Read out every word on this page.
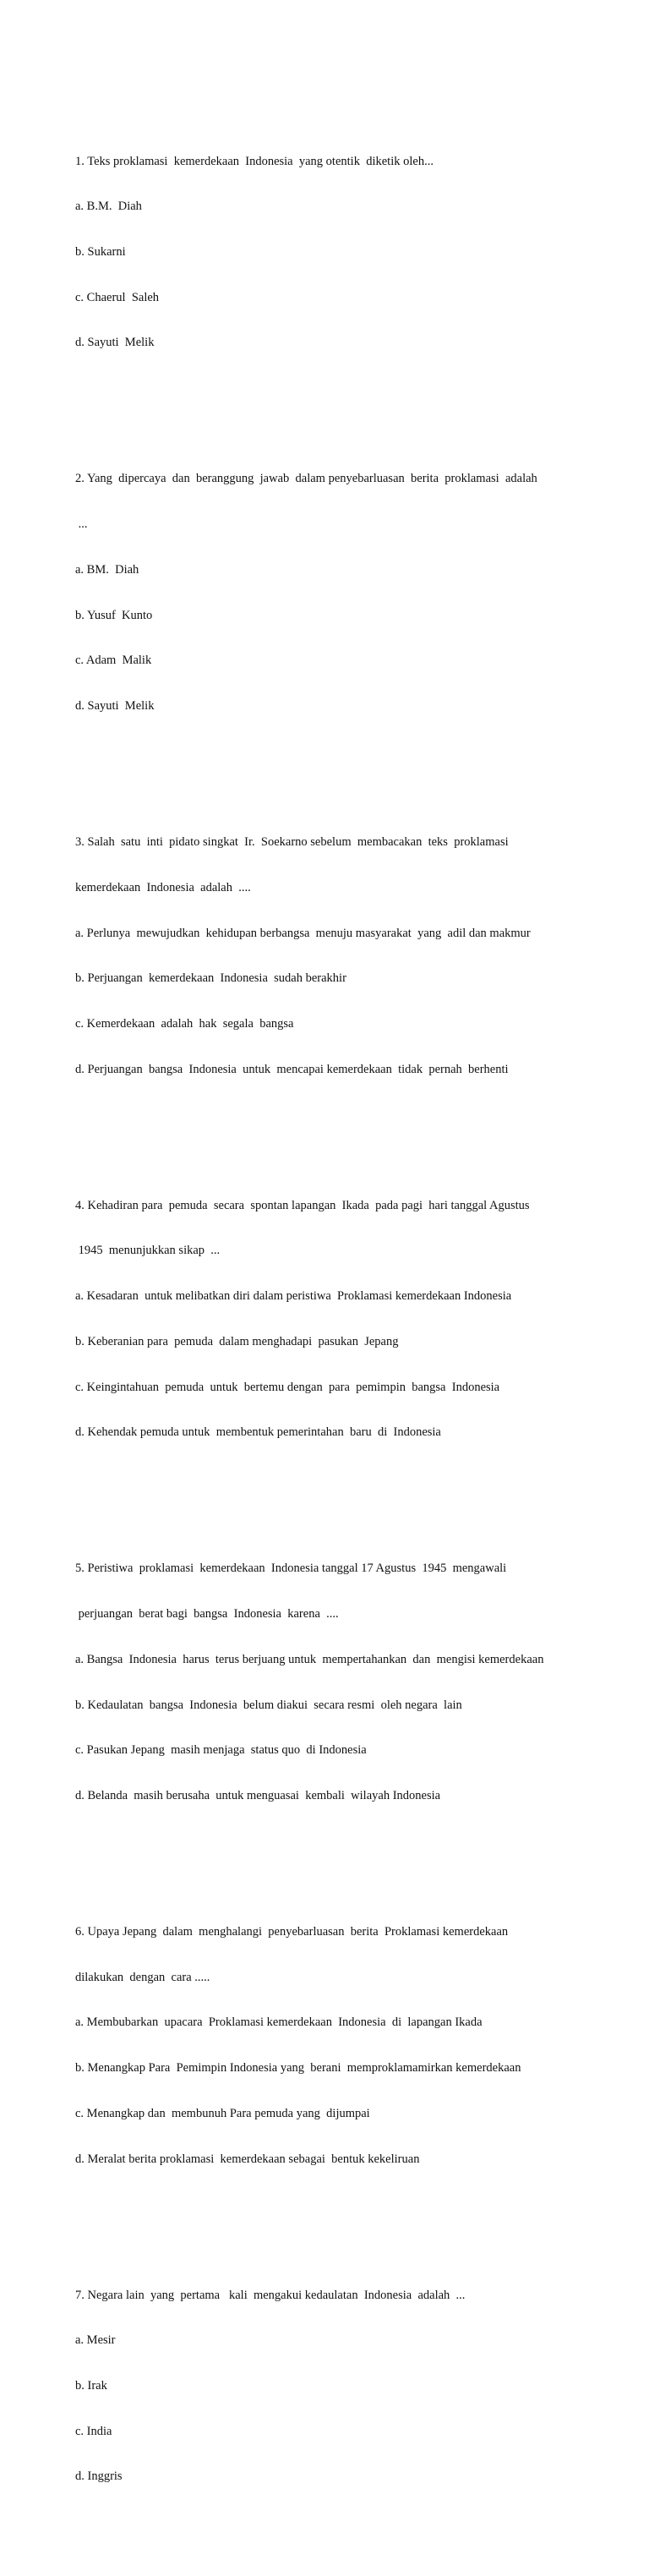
1. Teks proklamasi  kemerdekaan  Indonesia  yang otentik  diketik oleh...

a. B.M.  Diah

b. Sukarni

c. Chaerul  Saleh

d. Sayuti  Melik

2. Yang  dipercaya  dan  beranggung  jawab  dalam penyebarluasan  berita  proklamasi  adalah

...

a. BM.  Diah

b. Yusuf  Kunto

c. Adam  Malik

d. Sayuti  Melik

3. Salah  satu  inti  pidato singkat  Ir.  Soekarno sebelum  membacakan  teks  proklamasi

kemerdekaan  Indonesia  adalah  ....

a. Perlunya  mewujudkan  kehidupan berbangsa  menuju masyarakat  yang  adil dan makmur

b. Perjuangan  kemerdekaan  Indonesia  sudah berakhir

c. Kemerdekaan  adalah  hak  segala  bangsa

d. Perjuangan  bangsa  Indonesia  untuk  mencapai kemerdekaan  tidak  pernah  berhenti

4. Kehadiran para  pemuda  secara  spontan lapangan  Ikada  pada pagi  hari tanggal Agustus

1945  menunjukkan sikap  ...

a. Kesadaran  untuk melibatkan diri dalam peristiwa  Proklamasi kemerdekaan Indonesia

b. Keberanian para  pemuda  dalam menghadapi  pasukan  Jepang

c. Keingintahuan  pemuda  untuk  bertemu dengan  para  pemimpin  bangsa  Indonesia

d. Kehendak pemuda untuk  membentuk pemerintahan  baru  di  Indonesia

5. Peristiwa  proklamasi  kemerdekaan  Indonesia tanggal 17 Agustus  1945  mengawali

perjuangan  berat bagi  bangsa  Indonesia  karena  ....

a. Bangsa  Indonesia  harus  terus berjuang untuk  mempertahankan  dan  mengisi kemerdekaan

b. Kedaulatan  bangsa  Indonesia  belum diakui  secara resmi  oleh negara  lain

c. Pasukan Jepang  masih menjaga  status quo  di Indonesia

d. Belanda  masih berusaha  untuk menguasai  kembali  wilayah Indonesia

6. Upaya Jepang  dalam  menghalangi  penyebarluasan  berita  Proklamasi kemerdekaan

dilakukan  dengan  cara .....

a. Membubarkan  upacara  Proklamasi kemerdekaan  Indonesia  di  lapangan Ikada

b. Menangkap Para  Pemimpin Indonesia yang  berani  memproklamamirkan kemerdekaan

c. Menangkap dan  membunuh Para pemuda yang  dijumpai

d. Meralat berita proklamasi  kemerdekaan sebagai  bentuk kekeliruan

7. Negara lain  yang  pertama   kali  mengakui kedaulatan  Indonesia  adalah  ...

a. Mesir

b. Irak

c. India

d. Inggris
